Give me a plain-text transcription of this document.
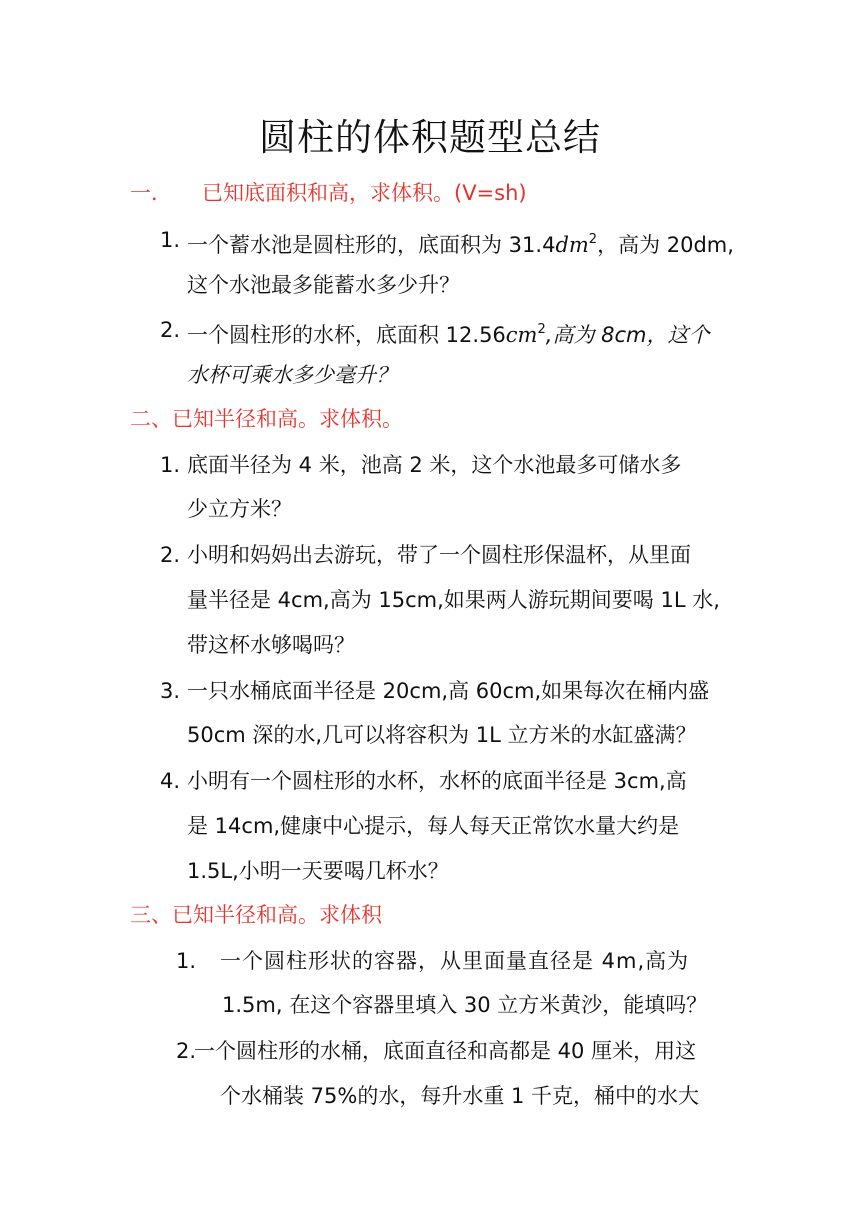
圆柱的体积题型总结
一． 已知底面积和高，求体积。(V=sh)
1. 一个蓄水池是圆柱形的，底面积为 $31.4dm^2$，高为 20dm,
这个水池最多能蓄水多少升？
2. 一个圆柱形的水杯，底面积 $12.56cm^2$,高为 8cm，这个
水杯可乘水多少毫升？
二、已知半径和高。求体积。
1. 底面半径为 4 米，池高 2 米，这个水池最多可储水多
少立方米？
2. 小明和妈妈出去游玩，带了一个圆柱形保温杯，从里面
量半径是 4cm,高为 15cm,如果两人游玩期间要喝 1L 水,
带这杯水够喝吗？
3. 一只水桶底面半径是 20cm,高 60cm,如果每次在桶内盛
50cm 深的水,几可以将容积为 1L 立方米的水缸盛满？
4. 小明有一个圆柱形的水杯，水杯的底面半径是 3cm,高
是 14cm,健康中心提示，每人每天正常饮水量大约是
1.5L,小明一天要喝几杯水？
三、已知半径和高。求体积
1. 一个圆柱形状的容器，从里面量直径是 4m,高为
1.5m, 在这个容器里填入 30 立方米黄沙，能填吗？
2.
一个圆柱形的水桶，底面直径和高都是 40 厘米，用这
个水桶装 75%的水，每升水重 1 千克，桶中的水大
